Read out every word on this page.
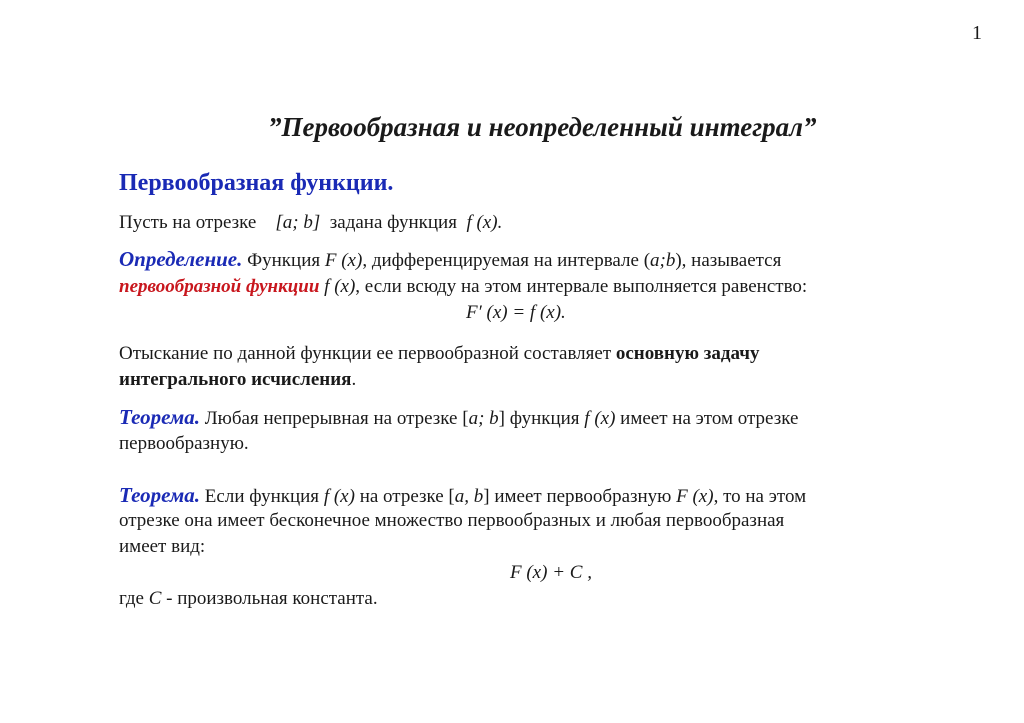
1
”Первообразная и неопределенный интеграл”
Первообразная функции.
Пусть на отрезке [a; b] задана функция f (x).
Определение. Функция F (x), дифференцируемая на интервале (a;b), называется
первообразной функции f (x), если всюду на этом интервале выполняется равенство:
F′ (x) = f (x).
Отыскание по данной функции ее первообразной составляет основную задачу
интегрального исчисления.
Теорема. Любая непрерывная на отрезке [a; b] функция f (x) имеет на этом отрезке
первообразную.
Теорема. Если функция f (x) на отрезке [a, b] имеет первообразную F (x), то на этом
отрезке она имеет бесконечное множество первообразных и любая первообразная
имеет вид:
F (x) + C ,
где C - произвольная константа.
